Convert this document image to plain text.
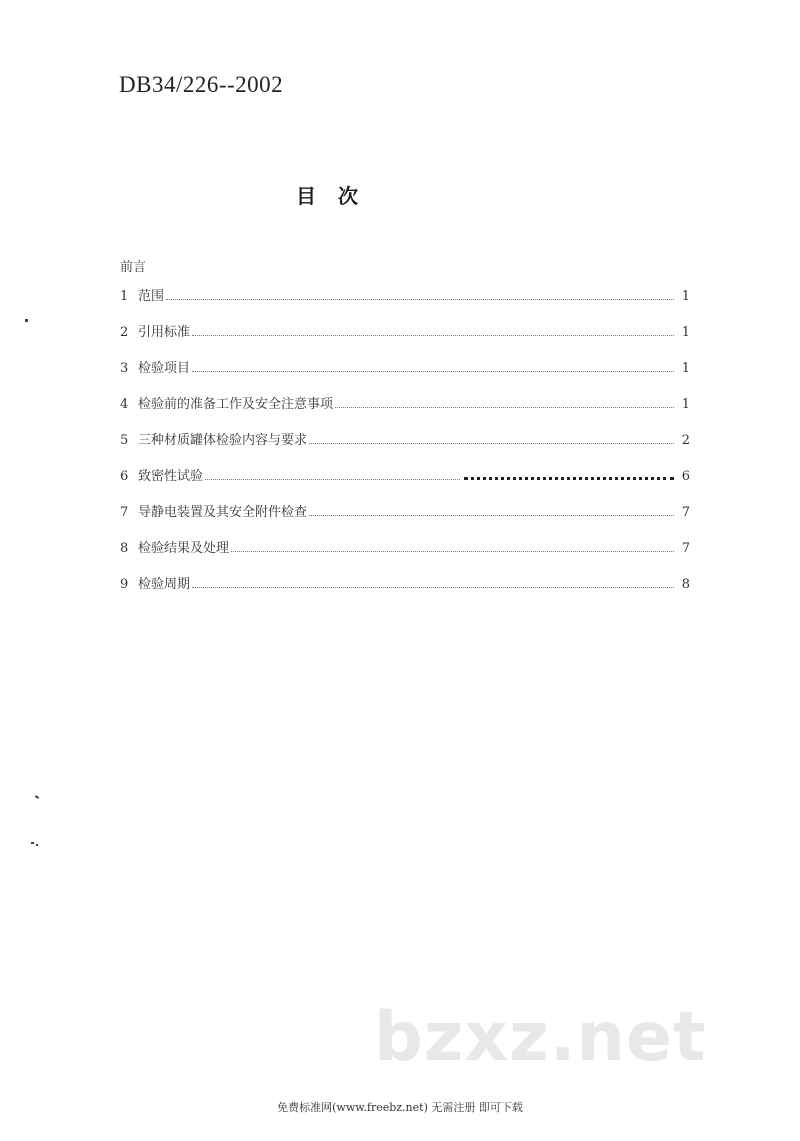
DB34/226--2002
目 次
前言
1 范围	1
2 引用标准	1
3 检验项目	1
4 检验前的准备工作及安全注意事项	1
5 三种材质罐体检验内容与要求	2
6 致密性试验	6
7 导静电装置及其安全附件检查	7
8 检验结果及处理	7
9 检验周期	8
bzxz.net
免费标准网(www.freebz.net) 无需注册 即可下载
